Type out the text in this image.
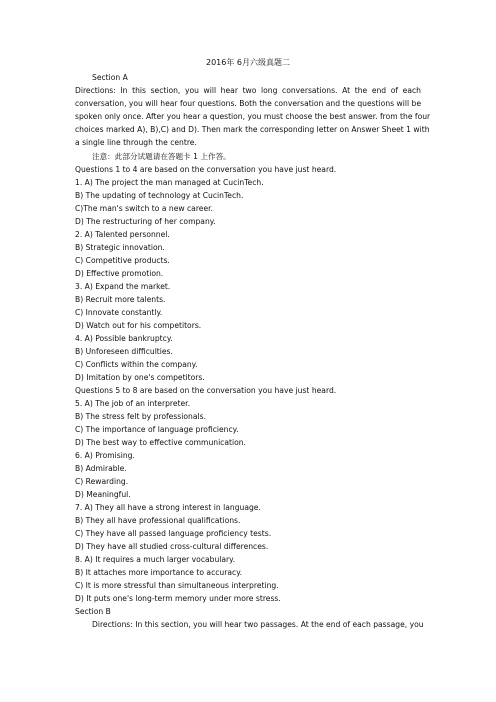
2016年 6月六级真题二
Section A
Directions: In this section, you will hear two long conversations. At the end of each
conversation, you will hear four questions. Both the conversation and the questions will be
spoken only once. After you hear a question, you must choose the best answer. from the four
choices marked A), B),C) and D). Then mark the corresponding letter on Answer Sheet 1 with
a single line through the centre.
注意：此部分试题请在答题卡 1 上作答。
Questions 1 to 4 are based on the conversation you have just heard.
1. A) The project the man managed at CucinTech.
B) The updating of technology at CucinTech.
C)The man's switch to a new career.
D) The restructuring of her company.
2. A) Talented personnel.
B) Strategic innovation.
C) Competitive products.
D) Effective promotion.
3. A) Expand the market.
B) Recruit more talents.
C) Innovate constantly.
D) Watch out for his competitors.
4. A) Possible bankruptcy.
B) Unforeseen difficulties.
C) Conflicts within the company.
D) Imitation by one's competitors.
Questions 5 to 8 are based on the conversation you have just heard.
5. A) The job of an interpreter.
B) The stress felt by professionals.
C) The importance of language proficiency.
D) The best way to effective communication.
6. A) Promising.
B) Admirable.
C) Rewarding.
D) Meaningful.
7. A) They all have a strong interest in language.
B) They all have professional qualifications.
C) They have all passed language proficiency tests.
D) They have all studied cross-cultural differences.
8. A) It requires a much larger vocabulary.
B) It attaches more importance to accuracy.
C) It is more stressful than simultaneous interpreting.
D) It puts one's long-term memory under more stress.
Section B
Directions: In this section, you will hear two passages. At the end of each passage, you
